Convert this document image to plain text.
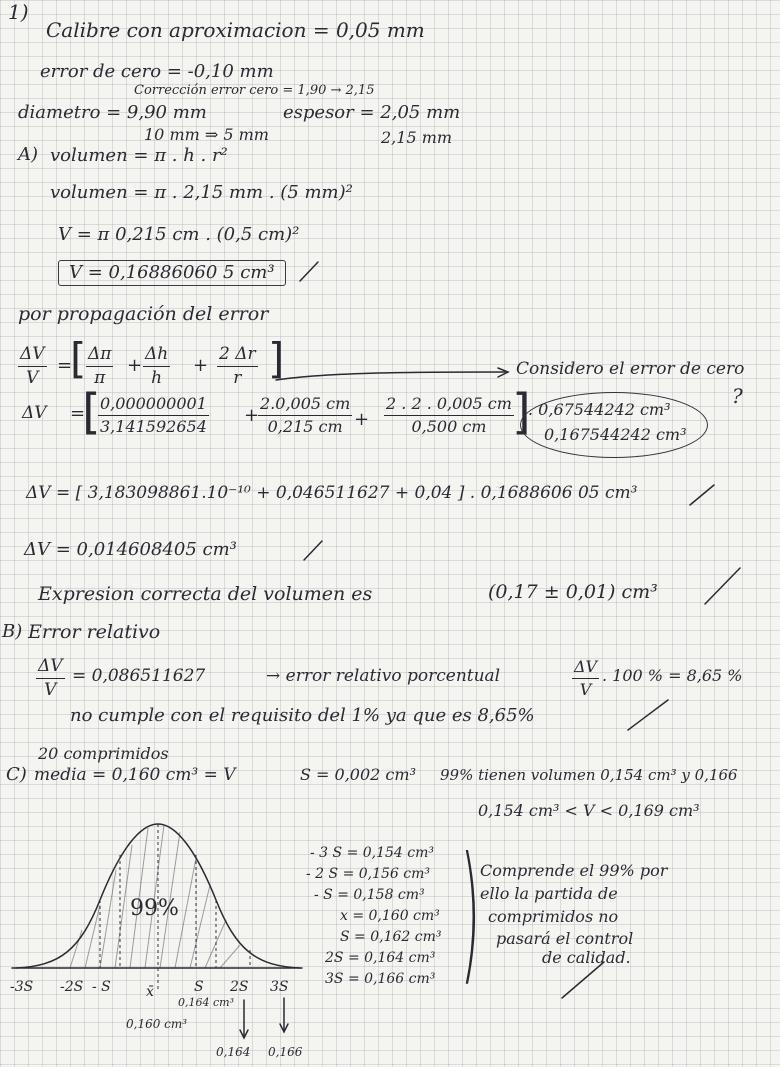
1)
Calibre con aproximacion = 0,05 mm
error de cero = -0,10 mm
Corrección error cero = 1,90 → 2,15
diametro = 9,90 mm	espesor = 2,05 mm
10 mm ⇒ 5 mm	2,15 mm
A) volumen = π . h . r²
volumen = π . 2,15 mm . (5 mm)²
V = π 0,215 cm . (0,5 cm)²
V = 0,16886060 5 cm³
por propagación del error
$\frac{\Delta V}{V}$ =
[ $\frac{\Delta\pi}{\pi} + \frac{\Delta h}{h} + \frac{2 \Delta r}{r}$ ]	Considero el error de cero
ΔV =
[
$\frac{0,000000001}{3,141592654}$ +
$\frac{2.0,005 cm}{0,215 cm} + \frac{2 . 2 . 0,005 cm}{0,500 cm}$
]
. 0,67544242 cm³
0,167544242 cm³
?
ΔV = [ 3,183098861.10⁻¹⁰ + 0,046511627 + 0,04 ] . 0,1688606 05 cm³
ΔV = 0,014608405 cm³
Expresion correcta del volumen es	(0,17 ± 0,01) cm³
B) Error relativo
$\frac{\Delta V}{V} = 0,086511627$	→ error relativo porcentual	$\frac{\Delta V}{V}$ . 100 % = 8,65 %
no cumple con el requisito del 1% ya que es 8,65%
20 comprimidos
C) media = 0,160 cm³ = V	S = 0,002 cm³ 99% tienen volumen 0,154 cm³ y 0,166
0,154 cm³ < V < 0,169 cm³
- 3 S = 0,154 cm³
- 2 S = 0,156 cm³
- S = 0,158 cm³
x = 0,160 cm³
S = 0,162 cm³
2S = 0,164 cm³
3S = 0,166 cm³ ) Comprende el 99% por
ello la partida de
comprimidos no
pasará el control
de calidad.
99%
-3S -2S - S	x̄	S 2S 3S
0,164 cm³
0,160 cm³
0,164 0,166
